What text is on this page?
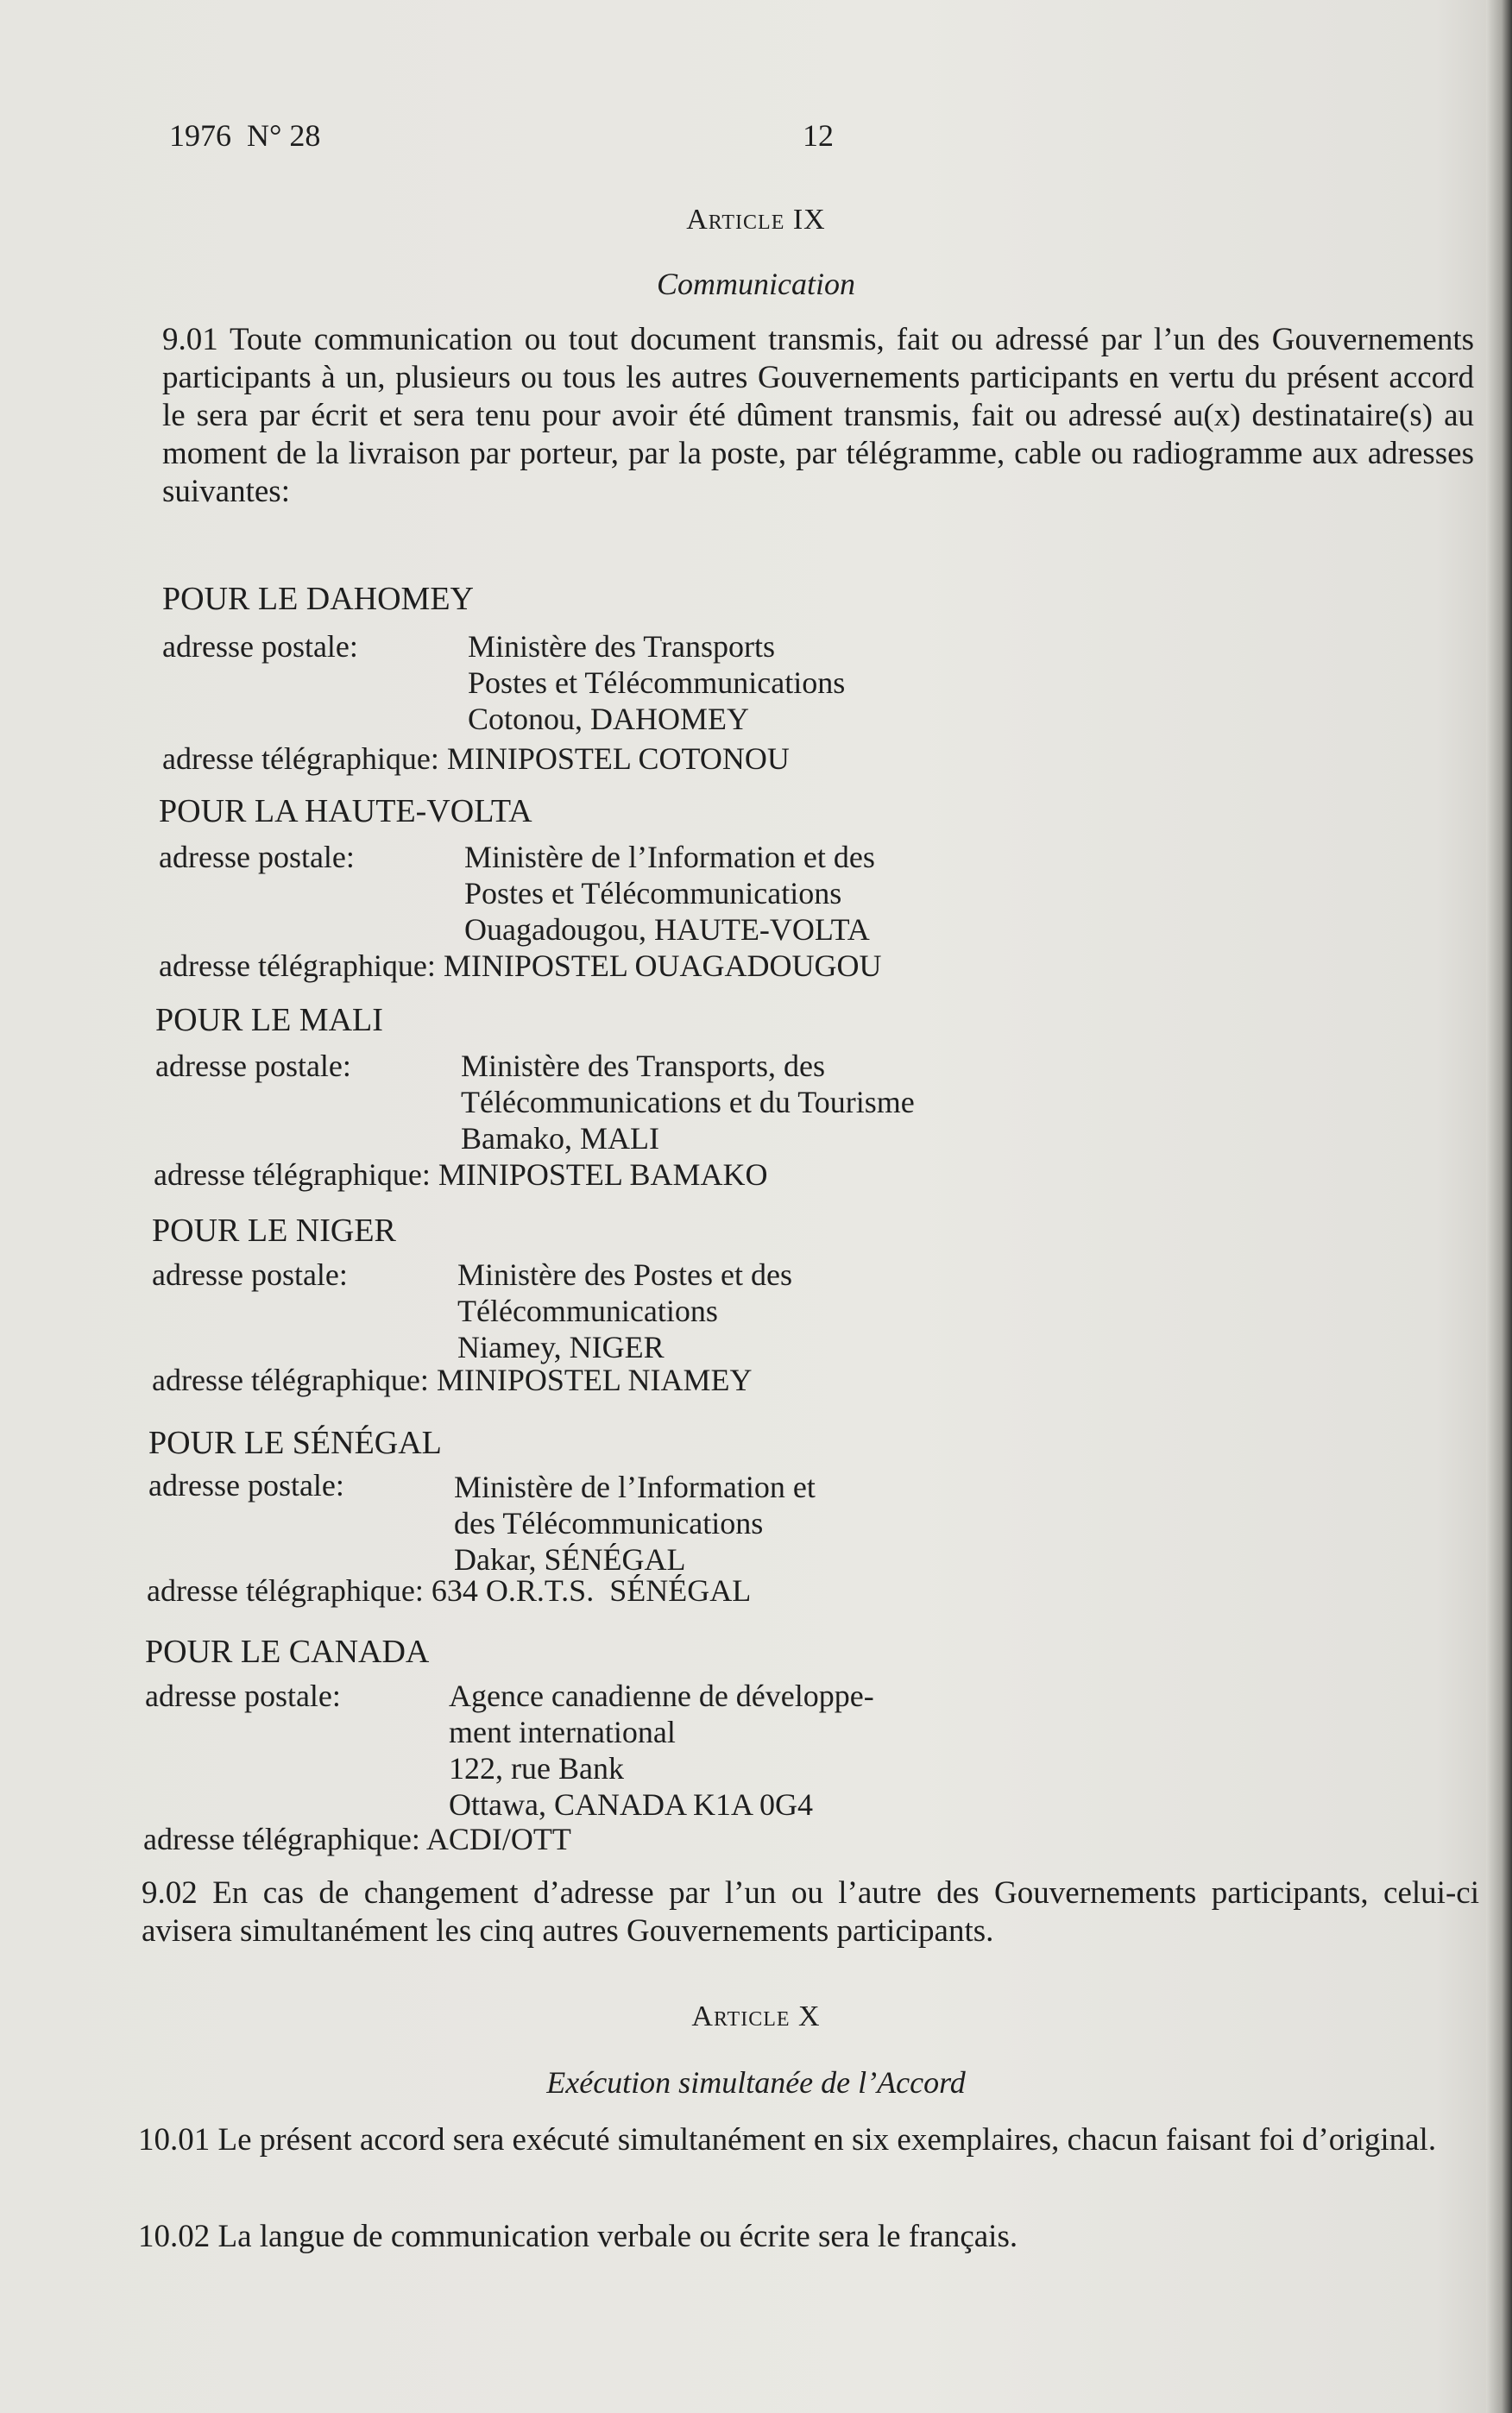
1976  N° 28	12
Article IX
Communication

9.01 Toute communication ou tout document transmis, fait ou adressé par l’un des Gouvernements participants à un, plusieurs ou tous les autres Gouvernements participants en vertu du présent accord le sera par écrit et sera tenu pour avoir été dûment transmis, fait ou adressé au(x) destinataire(s) au moment de la livraison par porteur, par la poste, par télégramme, cable ou radiogramme aux adresses suivantes:

POUR LE DAHOMEY
adresse postale:	Ministère des Transports
Postes et Télécommunications
Cotonou, DAHOMEY
adresse télégraphique: MINIPOSTEL COTONOU
POUR LA HAUTE-VOLTA
adresse postale:	Ministère de l’Information et des
Postes et Télécommunications
Ouagadougou, HAUTE-VOLTA
adresse télégraphique: MINIPOSTEL OUAGADOUGOU
POUR LE MALI
adresse postale:	Ministère des Transports, des
Télécommunications et du Tourisme
Bamako, MALI
adresse télégraphique: MINIPOSTEL BAMAKO
POUR LE NIGER
adresse postale:	Ministère des Postes et des
Télécommunications
Niamey, NIGER
adresse télégraphique: MINIPOSTEL NIAMEY
POUR LE SÉNÉGAL
adresse postale:	Ministère de l’Information et
des Télécommunications
Dakar, SÉNÉGAL
adresse télégraphique: 634 O.R.T.S.  SÉNÉGAL
POUR LE CANADA
adresse postale:	Agence canadienne de développe-
ment international
122, rue Bank
Ottawa, CANADA K1A 0G4
adresse télégraphique: ACDI/OTT

9.02 En cas de changement d’adresse par l’un ou l’autre des Gouvernements participants, celui-ci avisera simultanément les cinq autres Gouvernements participants.

Article X
Exécution simultanée de l’Accord

10.01 Le présent accord sera exécuté simultanément en six exemplaires, chacun faisant foi d’original.

10.02 La langue de communication verbale ou écrite sera le français.
